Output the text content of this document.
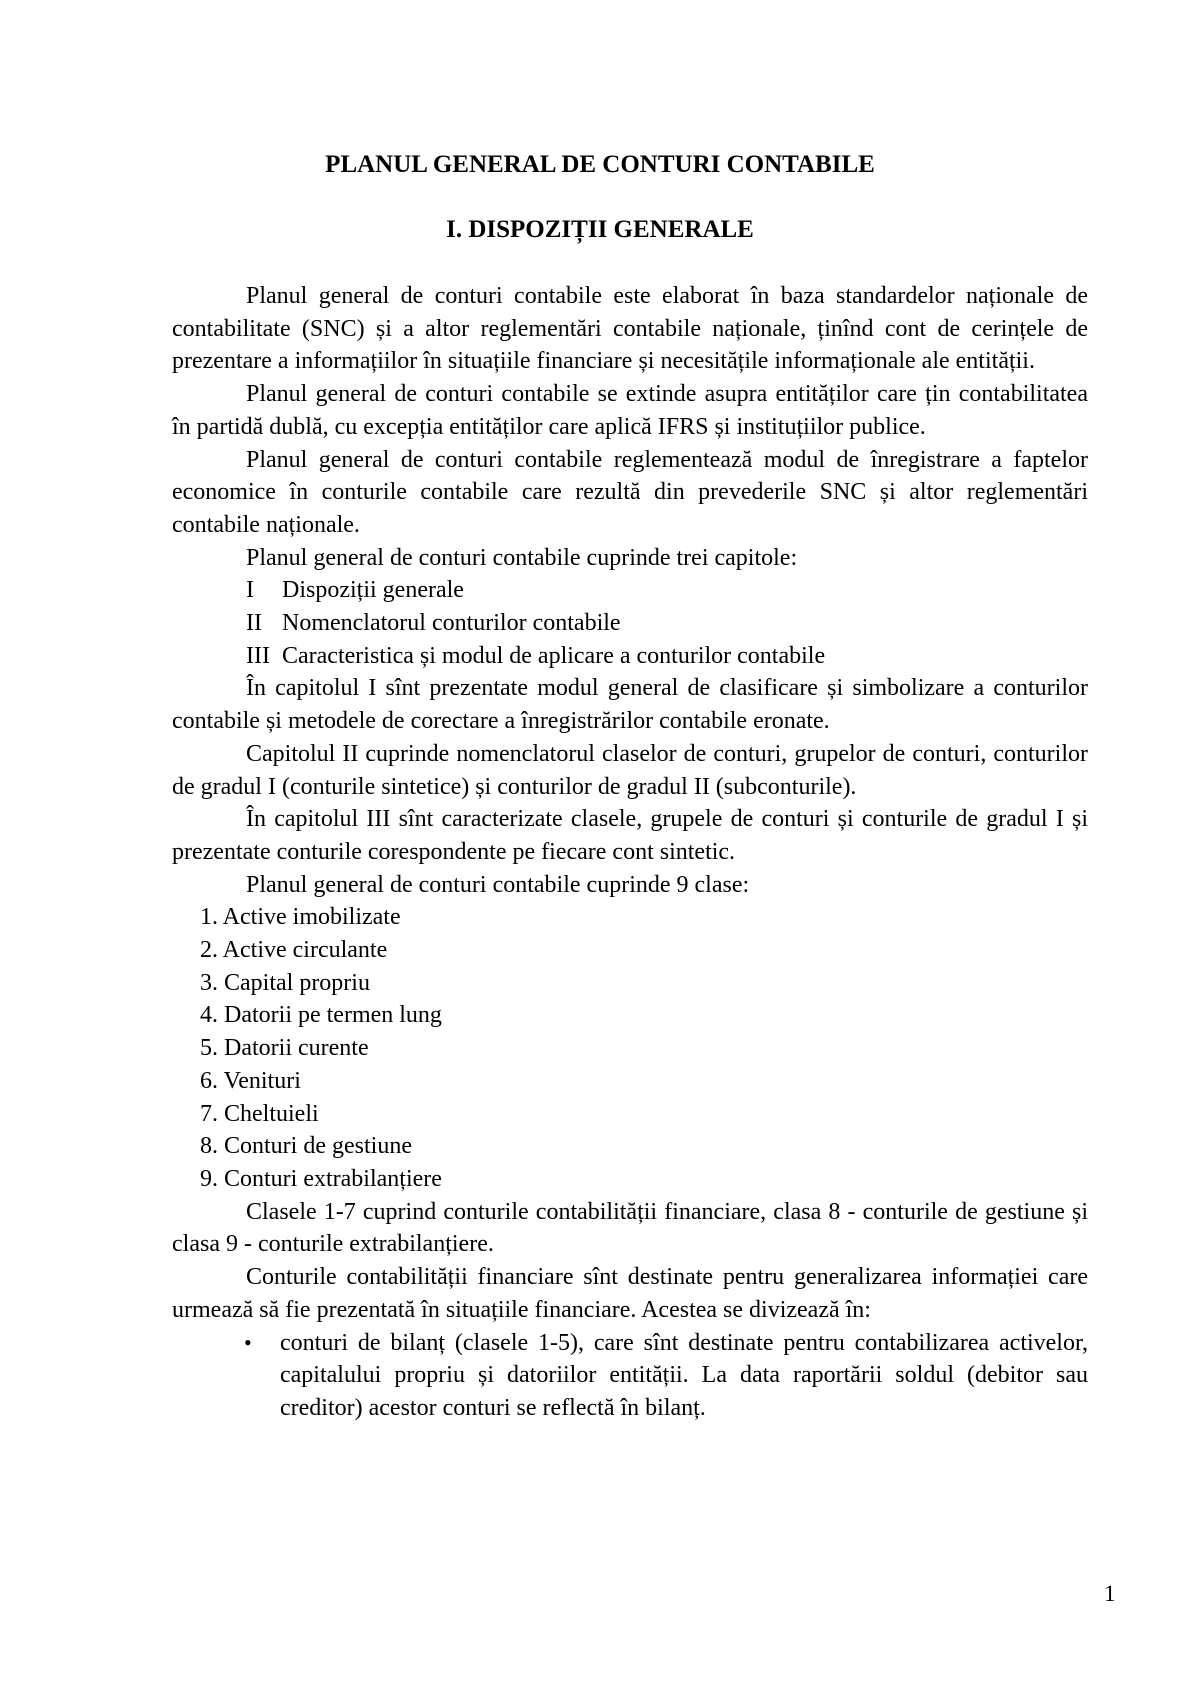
PLANUL GENERAL DE CONTURI CONTABILE
I. DISPOZIȚII GENERALE

Planul general de conturi contabile este elaborat în baza standardelor naționale de contabilitate (SNC) și a altor reglementări contabile naționale, ținînd cont de cerințele de prezentare a informațiilor în situațiile financiare și necesitățile informaționale ale entității.

Planul general de conturi contabile se extinde asupra entităților care țin contabilitatea în partidă dublă, cu excepția entităților care aplică IFRS și instituțiilor publice.

Planul general de conturi contabile reglementează modul de înregistrare a faptelor economice în conturile contabile care rezultă din prevederile SNC și altor reglementări contabile naționale.

Planul general de conturi contabile cuprinde trei capitole:

I Dispoziții generale

II Nomenclatorul conturilor contabile

III Caracteristica și modul de aplicare a conturilor contabile

În capitolul I sînt prezentate modul general de clasificare și simbolizare a conturilor contabile și metodele de corectare a înregistrărilor contabile eronate.

Capitolul II cuprinde nomenclatorul claselor de conturi, grupelor de conturi, conturilor de gradul I (conturile sintetice) și conturilor de gradul II (subconturile).

În capitolul III sînt caracterizate clasele, grupele de conturi și conturile de gradul I și prezentate conturile corespondente pe fiecare cont sintetic.

Planul general de conturi contabile cuprinde 9 clase:

1. Active imobilizate

2. Active circulante

3. Capital propriu

4. Datorii pe termen lung

5. Datorii curente

6. Venituri

7. Cheltuieli

8. Conturi de gestiune

9. Conturi extrabilanțiere

Clasele 1-7 cuprind conturile contabilității financiare, clasa 8 - conturile de gestiune și clasa 9 - conturile extrabilanțiere.

Conturile contabilității financiare sînt destinate pentru generalizarea informației care urmează să fie prezentată în situațiile financiare. Acestea se divizează în:

• conturi de bilanț (clasele 1-5), care sînt destinate pentru contabilizarea activelor, capitalului propriu și datoriilor entității. La data raportării soldul (debitor sau creditor) acestor conturi se reflectă în bilanț.

1
